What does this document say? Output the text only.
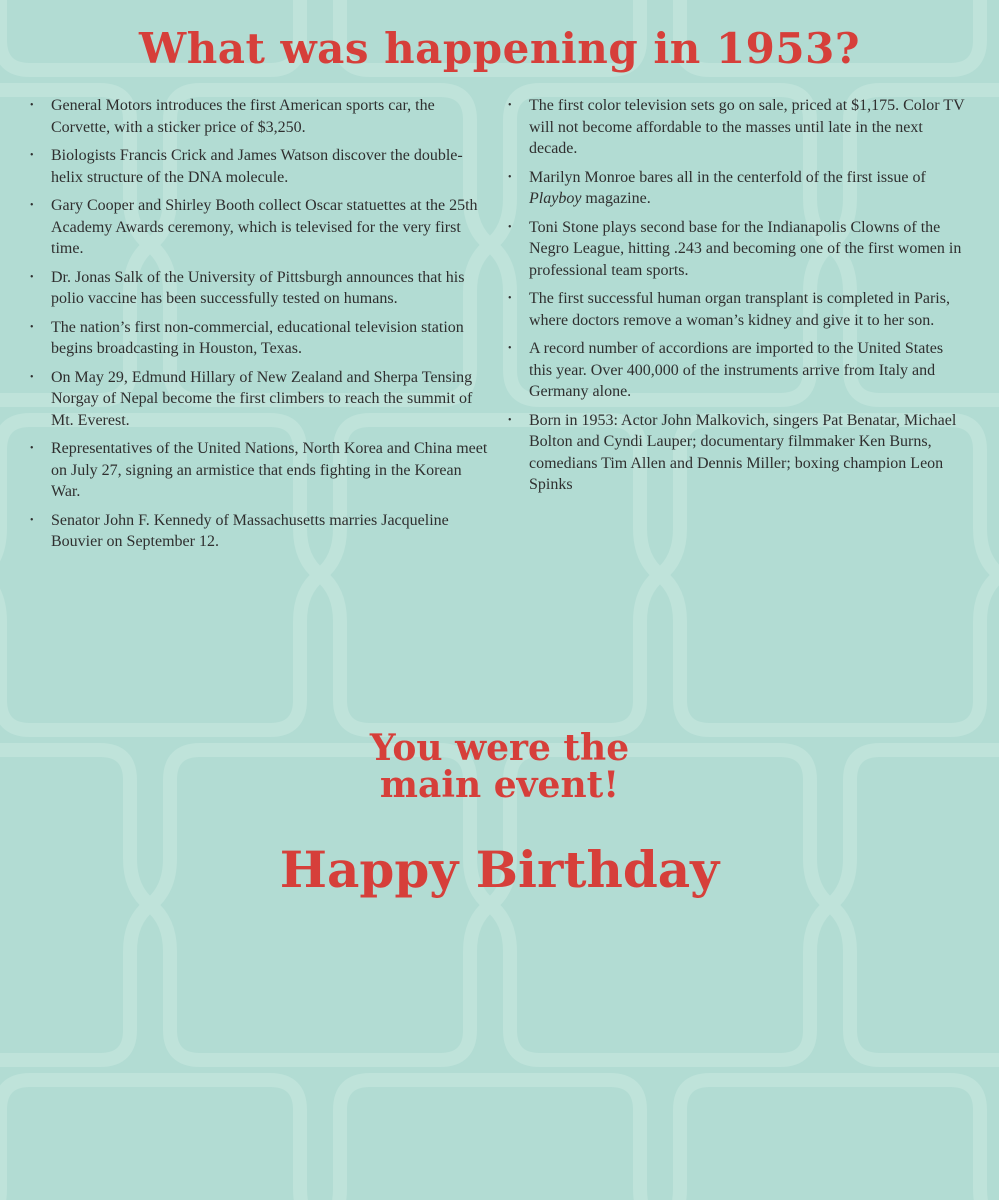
What was happening in 1953?
• General Motors introduces the first American sports car, the Corvette, with a sticker price of $3,250.
• Biologists Francis Crick and James Watson discover the double-helix structure of the DNA molecule.
• Gary Cooper and Shirley Booth collect Oscar statuettes at the 25th Academy Awards ceremony, which is televised for the very first time.
• Dr. Jonas Salk of the University of Pittsburgh announces that his polio vaccine has been successfully tested on humans.
• The nation’s first non-commercial, educational television station begins broadcasting in Houston, Texas.
• On May 29, Edmund Hillary of New Zealand and Sherpa Tensing Norgay of Nepal become the first climbers to reach the summit of Mt. Everest.
• Representatives of the United Nations, North Korea and China meet on July 27, signing an armistice that ends fighting in the Korean War.
• Senator John F. Kennedy of Massachusetts marries Jacqueline Bouvier on September 12.
• The first color television sets go on sale, priced at $1,175. Color TV will not become affordable to the masses until late in the next decade.
• Marilyn Monroe bares all in the centerfold of the first issue of Playboy magazine.
• Toni Stone plays second base for the Indianapolis Clowns of the Negro League, hitting .243 and becoming one of the first women in professional team sports.
• The first successful human organ transplant is completed in Paris, where doctors remove a woman’s kidney and give it to her son.
• A record number of accordions are imported to the United States this year. Over 400,000 of the instruments arrive from Italy and Germany alone.
• Born in 1953: Actor John Malkovich, singers Pat Benatar, Michael Bolton and Cyndi Lauper; documentary filmmaker Ken Burns, comedians Tim Allen and Dennis Miller; boxing champion Leon Spinks
You were the
main event!
Happy Birthday
